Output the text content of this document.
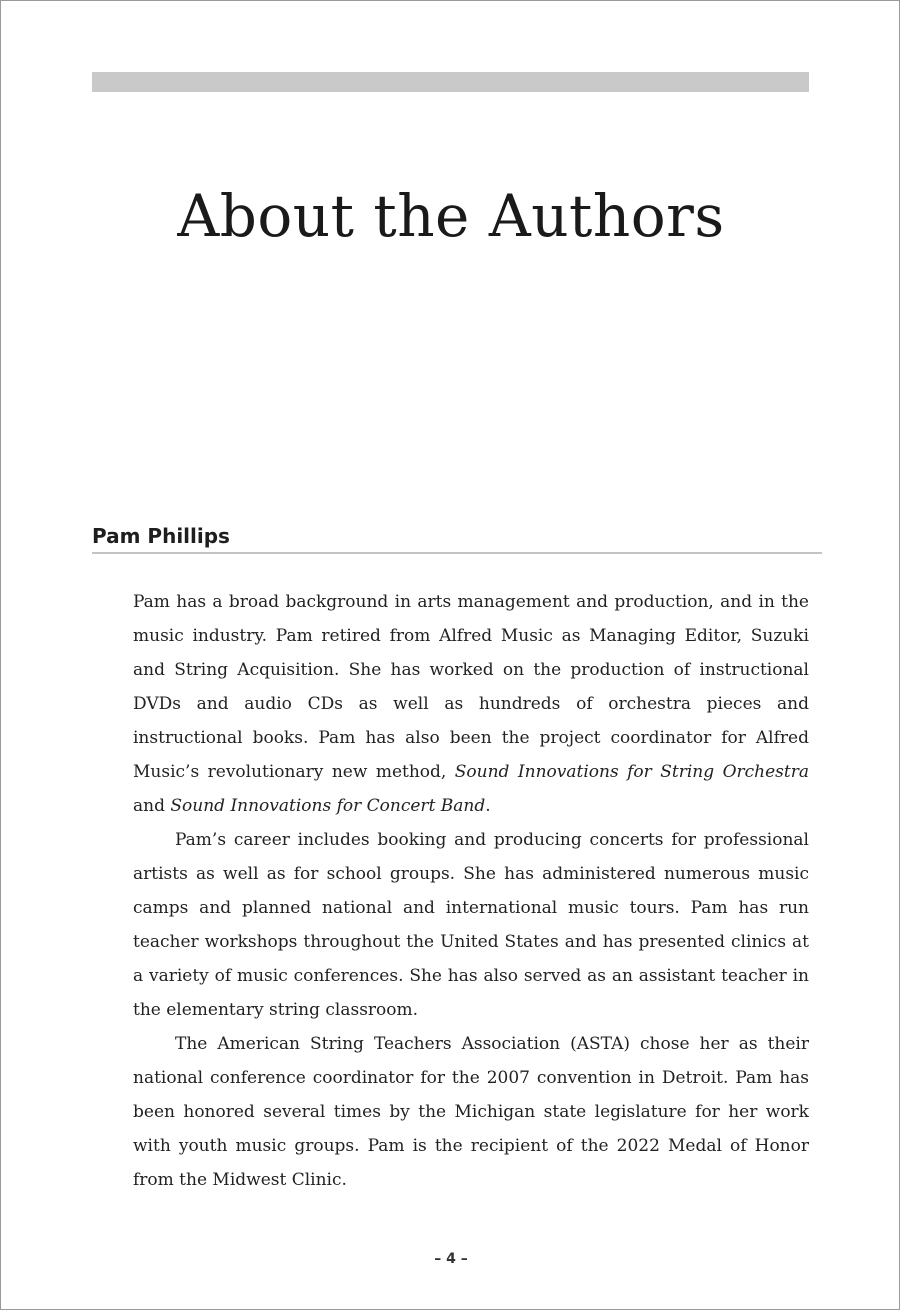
About the Authors
Pam Phillips

Pam has a broad background in arts management and production, and in the music industry. Pam retired from Alfred Music as Managing Editor, Suzuki and String Acquisition. She has worked on the production of instructional DVDs and audio CDs as well as hundreds of orchestra pieces and instructional books. Pam has also been the project coordinator for Alfred Music’s revolutionary new method, Sound Innovations for String Orchestra and Sound Innovations for Concert Band.

Pam’s career includes booking and producing concerts for professional artists as well as for school groups. She has administered numerous music camps and planned national and international music tours. Pam has run teacher workshops throughout the United States and has presented clinics at a variety of music conferences. She has also served as an assistant teacher in the elementary string classroom.

The American String Teachers Association (ASTA) chose her as their national conference coordinator for the 2007 convention in Detroit. Pam has been honored several times by the Michigan state legislature for her work with youth music groups. Pam is the recipient of the 2022 Medal of Honor from the Midwest Clinic.

– 4 –
